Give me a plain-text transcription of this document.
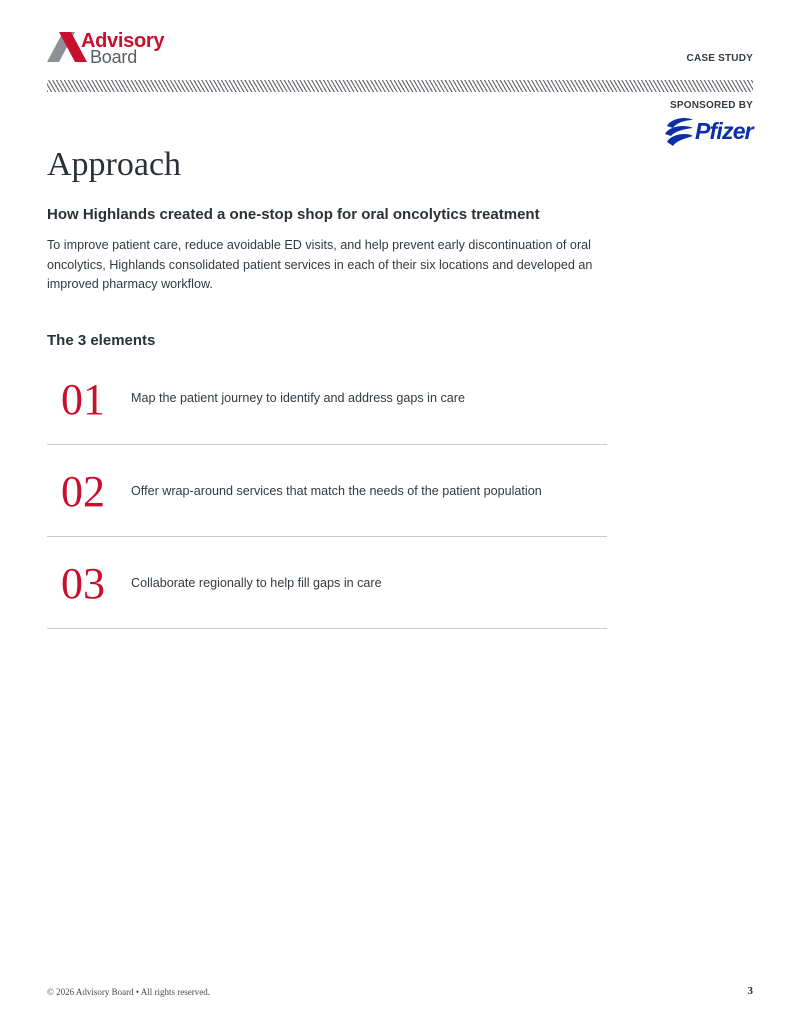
Advisory
Board	CASE STUDY
SPONSORED BY
Pfizer
Approach
How Highlands created a one-stop shop for oral oncolytics treatment

To improve patient care, reduce avoidable ED visits, and help prevent early discontinuation of oral oncolytics, Highlands consolidated patient services in each of their six locations and developed an improved pharmacy workflow.

The 3 elements
01 Map the patient journey to identify and address gaps in care
02 Offer wrap-around services that match the needs of the patient population
03 Collaborate regionally to help fill gaps in care
© 2026 Advisory Board • All rights reserved.	3
